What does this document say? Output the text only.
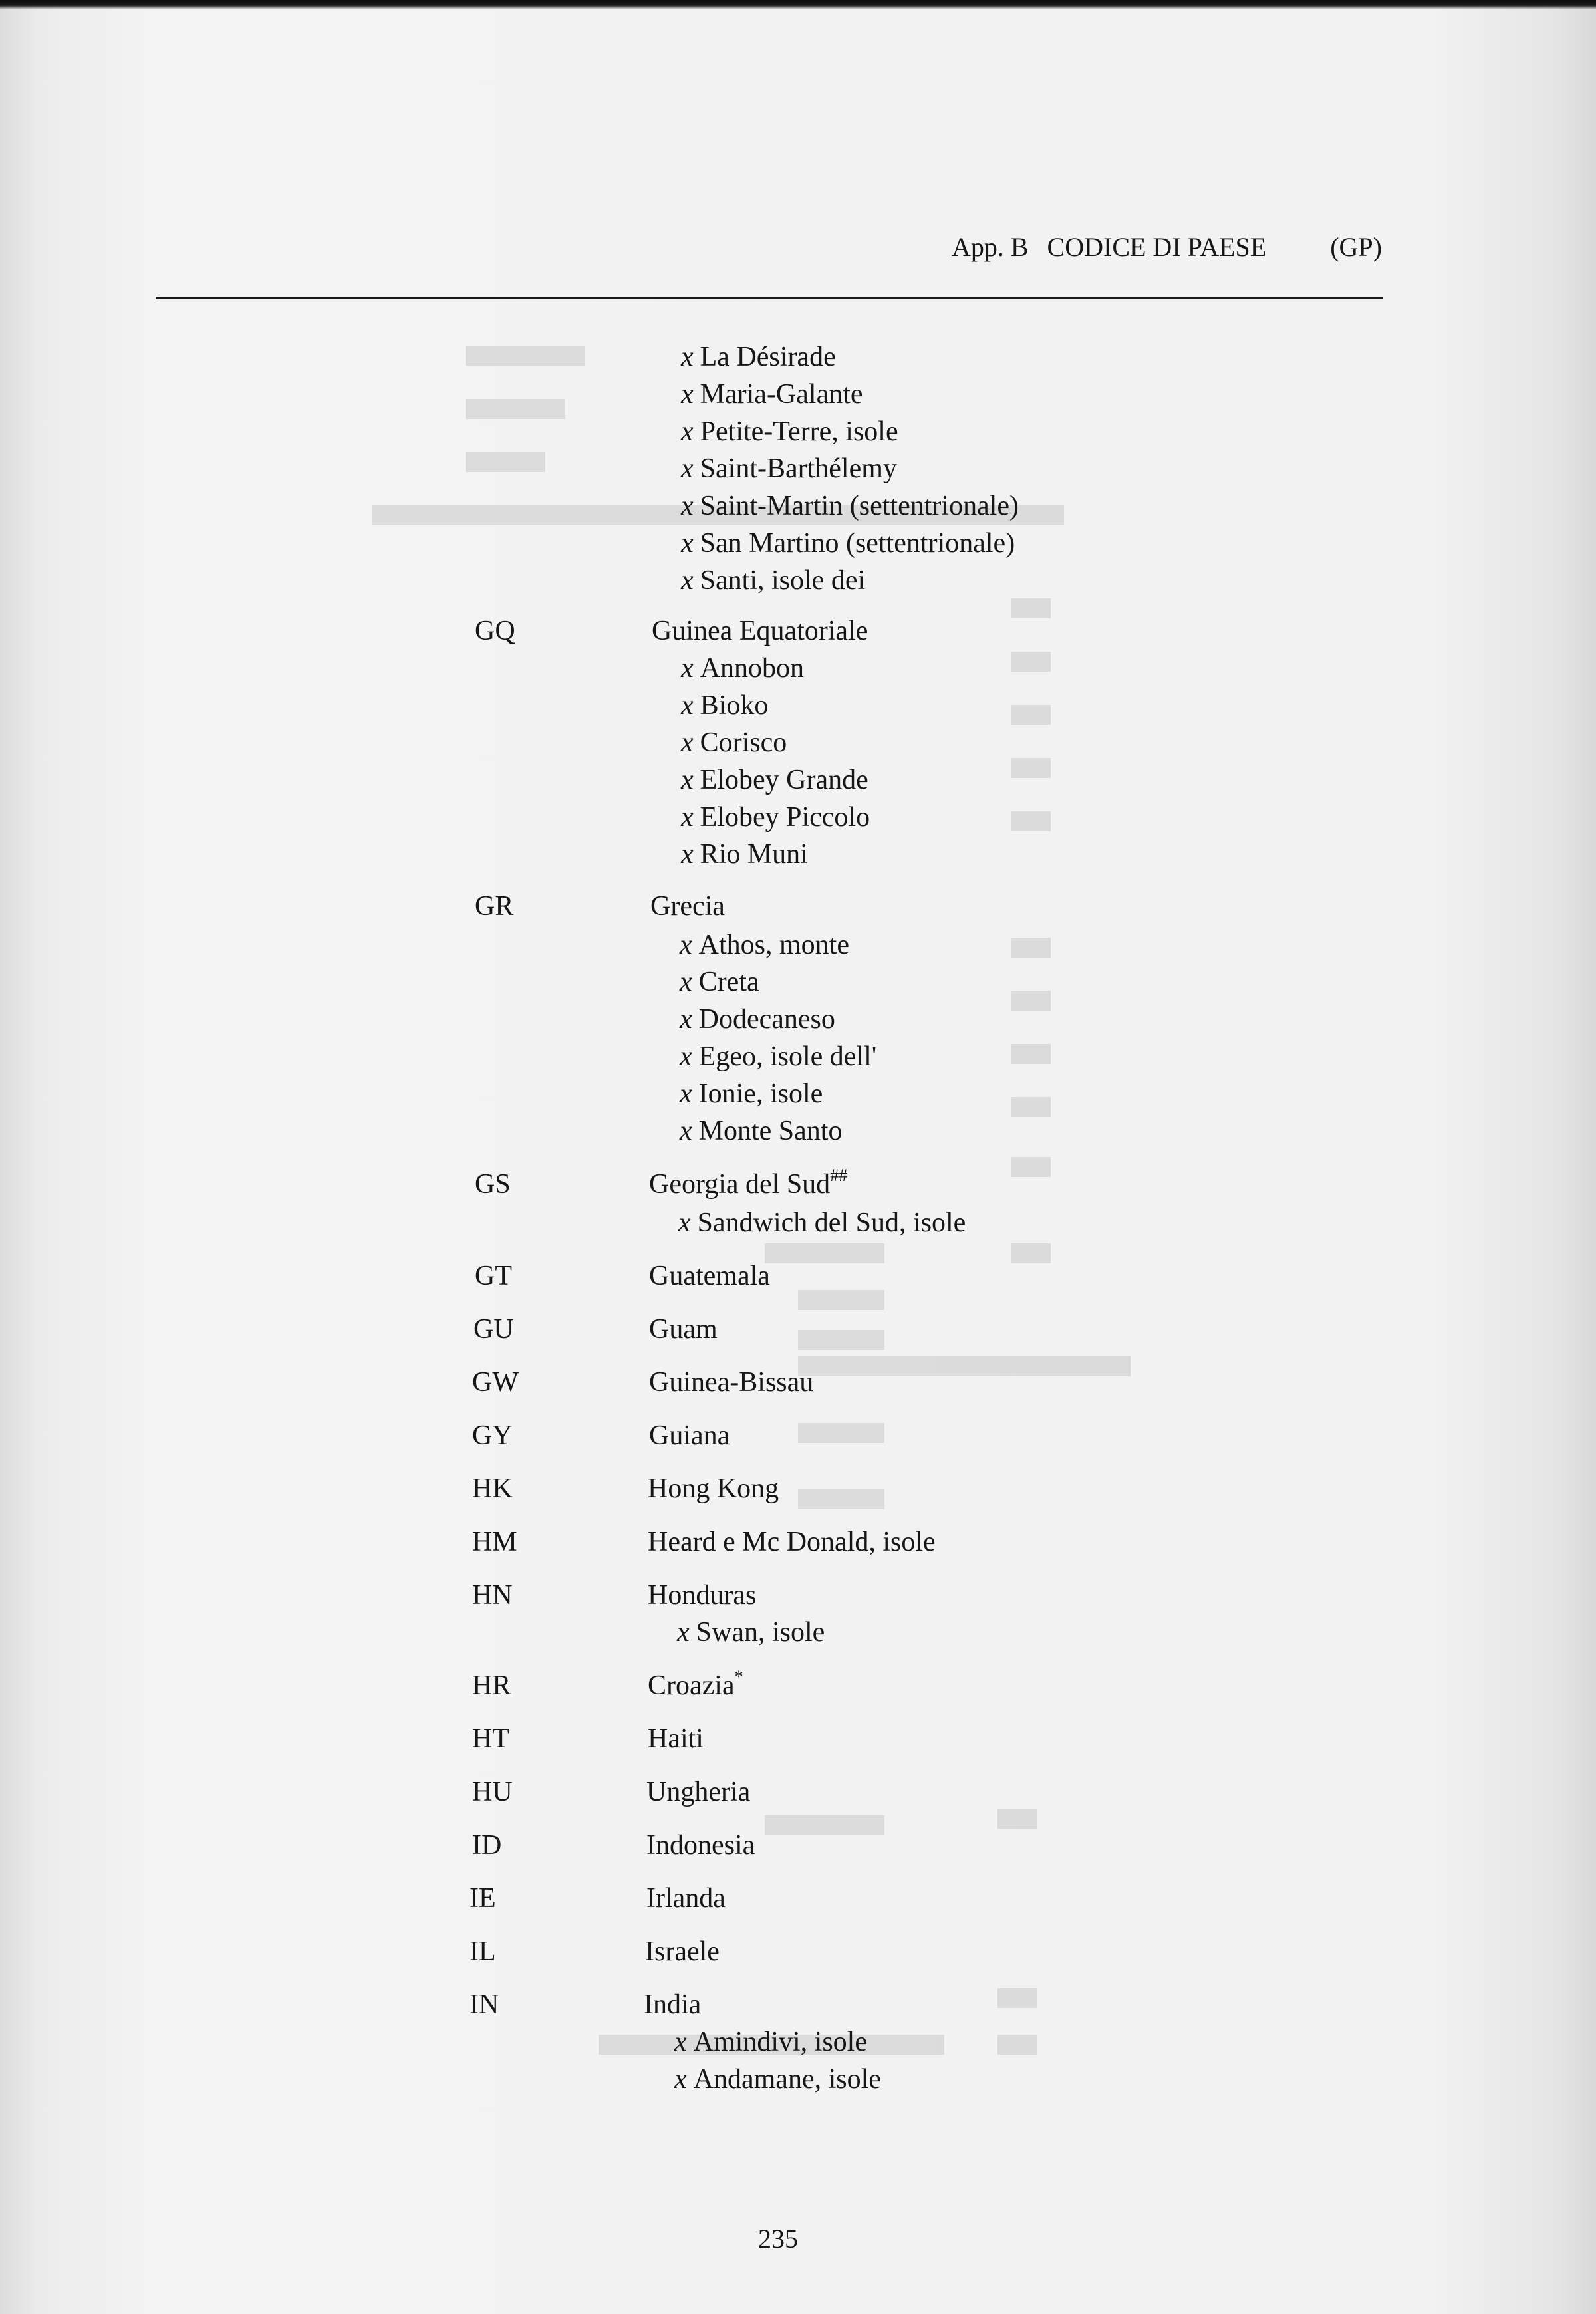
App. B CODICE DI PAESE (GP)
x La Désirade
x Maria-Galante
x Petite-Terre, isole
x Saint-Barthélemy
x Saint-Martin (settentrionale)
x San Martino (settentrionale)
x Santi, isole dei
GQ	Guinea Equatoriale
x Annobon
x Bioko
x Corisco
x Elobey Grande
x Elobey Piccolo
x Rio Muni
GR	Grecia
x Athos, monte
x Creta
x Dodecaneso
x Egeo, isole dell'
x Ionie, isole
x Monte Santo
GS	Georgia del Sud##
x Sandwich del Sud, isole
GT	Guatemala
GU	Guam
GW	Guinea-Bissau
GY	Guiana
HK	Hong Kong
HM	Heard e Mc Donald, isole
HN	Honduras
x Swan, isole
HR	Croazia*
HT	Haiti
HU	Ungheria
ID	Indonesia
IE	Irlanda
IL	Israele
IN	India
x Amindivi, isole
x Andamane, isole
235
